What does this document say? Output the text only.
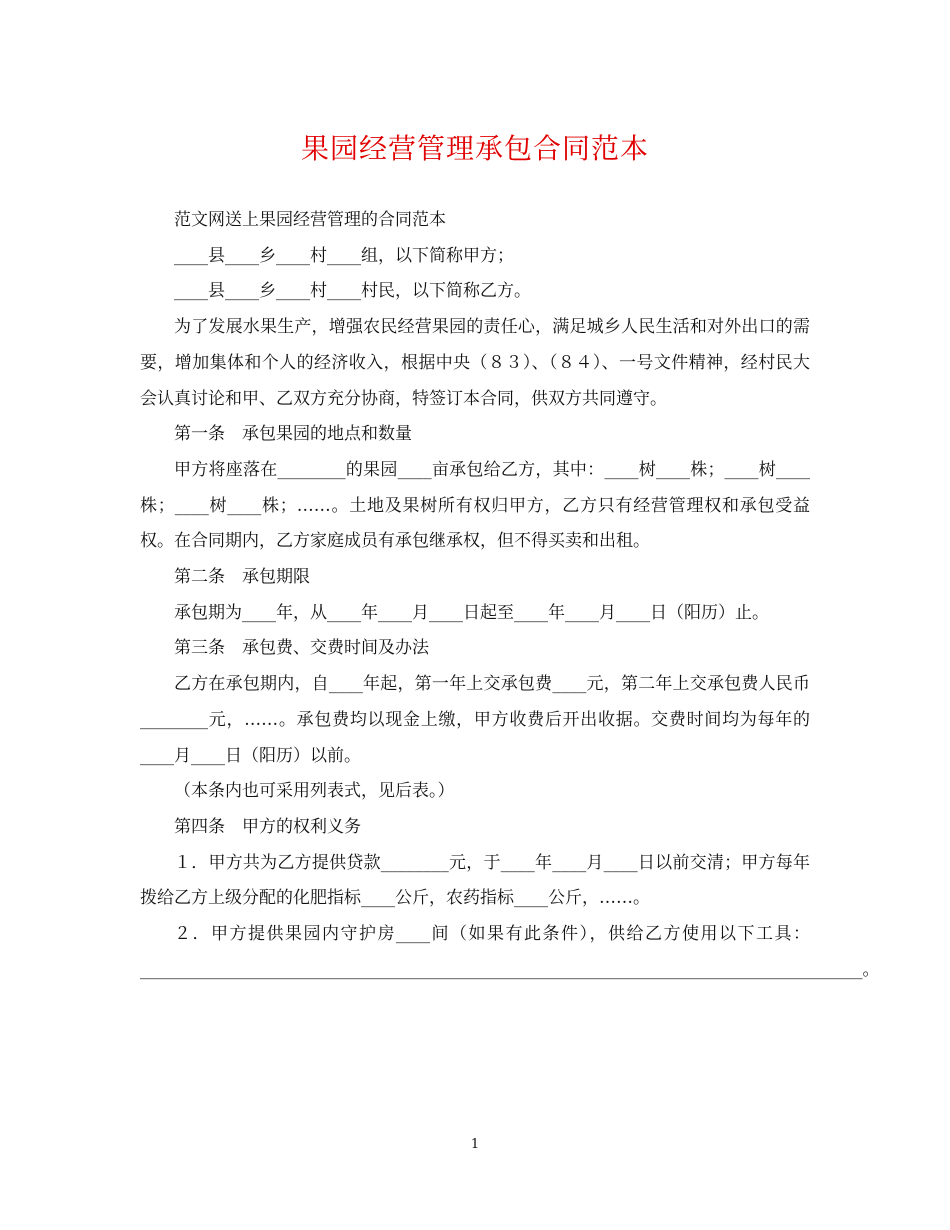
果园经营管理承包合同范本

范文网送上果园经营管理的合同范本

____县____乡____村____组，以下简称甲方；

____县____乡____村____村民，以下简称乙方。

为了发展水果生产，增强农民经营果园的责任心，满足城乡人民生活和对外出口的需要，增加集体和个人的经济收入，根据中央（８３）、（８４）、一号文件精神，经村民大会认真讨论和甲、乙双方充分协商，特签订本合同，供双方共同遵守。

第一条　承包果园的地点和数量

甲方将座落在________的果园____亩承包给乙方，其中：____树____株；____树____株；____树____株；……。土地及果树所有权归甲方，乙方只有经营管理权和承包受益权。在合同期内，乙方家庭成员有承包继承权，但不得买卖和出租。

第二条　承包期限

承包期为____年，从____年____月____日起至____年____月____日（阳历）止。

第三条　承包费、交费时间及办法

乙方在承包期内，自____年起，第一年上交承包费____元，第二年上交承包费人民币________元，……。承包费均以现金上缴，甲方收费后开出收据。交费时间均为每年的____月____日（阳历）以前。

（本条内也可采用列表式，见后表。）

第四条　甲方的权利义务

１．甲方共为乙方提供贷款________元，于____年____月____日以前交清；甲方每年拨给乙方上级分配的化肥指标____公斤，农药指标____公斤，……。

２．甲方提供果园内守护房____间（如果有此条件），供给乙方使用以下工具：_____________________________________________________________________________________。

1
